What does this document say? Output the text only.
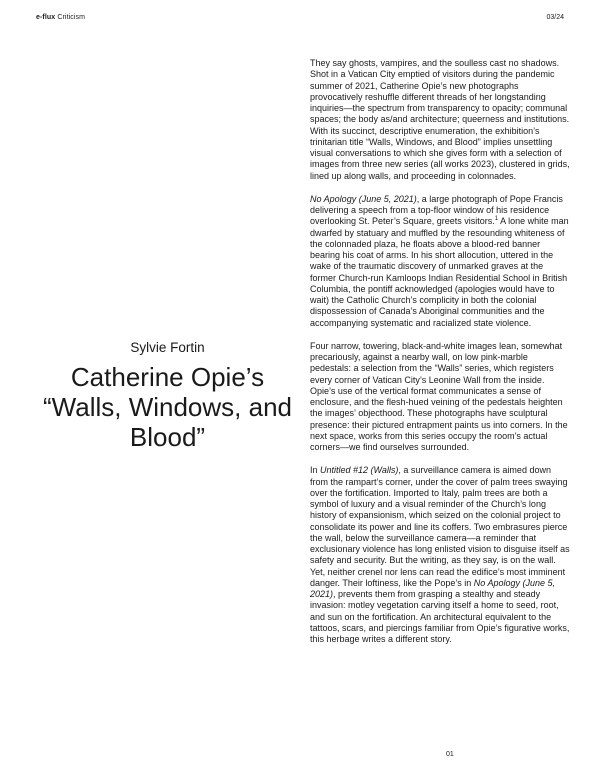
e-flux Criticism	03/24
Sylvie Fortin
Catherine Opie’s “Walls, Windows, and Blood”

They say ghosts, vampires, and the soulless cast no shadows. Shot in a Vatican City emptied of visitors during the pandemic summer of 2021, Catherine Opie’s new photographs provocatively reshuffle different threads of her longstanding inquiries—the spectrum from transparency to opacity; communal spaces; the body as/and architecture; queerness and institutions. With its succinct, descriptive enumeration, the exhibition’s trinitarian title “Walls, Windows, and Blood” implies unsettling visual conversations to which she gives form with a selection of images from three new series (all works 2023), clustered in grids, lined up along walls, and proceeding in colonnades.

No Apology (June 5, 2021), a large photograph of Pope Francis delivering a speech from a top-floor window of his residence overlooking St. Peter’s Square, greets visitors.$^1$ A lone white man dwarfed by statuary and muffled by the resounding whiteness of the colonnaded plaza, he floats above a blood-red banner bearing his coat of arms. In his short allocution, uttered in the wake of the traumatic discovery of unmarked graves at the former Church-run Kamloops Indian Residential School in British Columbia, the pontiff acknowledged (apologies would have to wait) the Catholic Church’s complicity in both the colonial dispossession of Canada’s Aboriginal communities and the accompanying systematic and racialized state violence.

Four narrow, towering, black-and-white images lean, somewhat precariously, against a nearby wall, on low pink-marble pedestals: a selection from the “Walls” series, which registers every corner of Vatican City’s Leonine Wall from the inside. Opie’s use of the vertical format communicates a sense of enclosure, and the flesh-hued veining of the pedestals heighten the images’ objecthood. These photographs have sculptural presence: their pictured entrapment paints us into corners. In the next space, works from this series occupy the room’s actual corners—we find ourselves surrounded.

In Untitled #12 (Walls), a surveillance camera is aimed down from the rampart’s corner, under the cover of palm trees swaying over the fortification. Imported to Italy, palm trees are both a symbol of luxury and a visual reminder of the Church’s long history of expansionism, which seized on the colonial project to consolidate its power and line its coffers. Two embrasures pierce the wall, below the surveillance camera—a reminder that exclusionary violence has long enlisted vision to disguise itself as safety and security. But the writing, as they say, is on the wall. Yet, neither crenel nor lens can read the edifice’s most imminent danger. Their loftiness, like the Pope’s in No Apology (June 5, 2021), prevents them from grasping a stealthy and steady invasion: motley vegetation carving itself a home to seed, root, and sun on the fortification. An architectural equivalent to the tattoos, scars, and piercings familiar from Opie’s figurative works, this herbage writes a different story.

01
